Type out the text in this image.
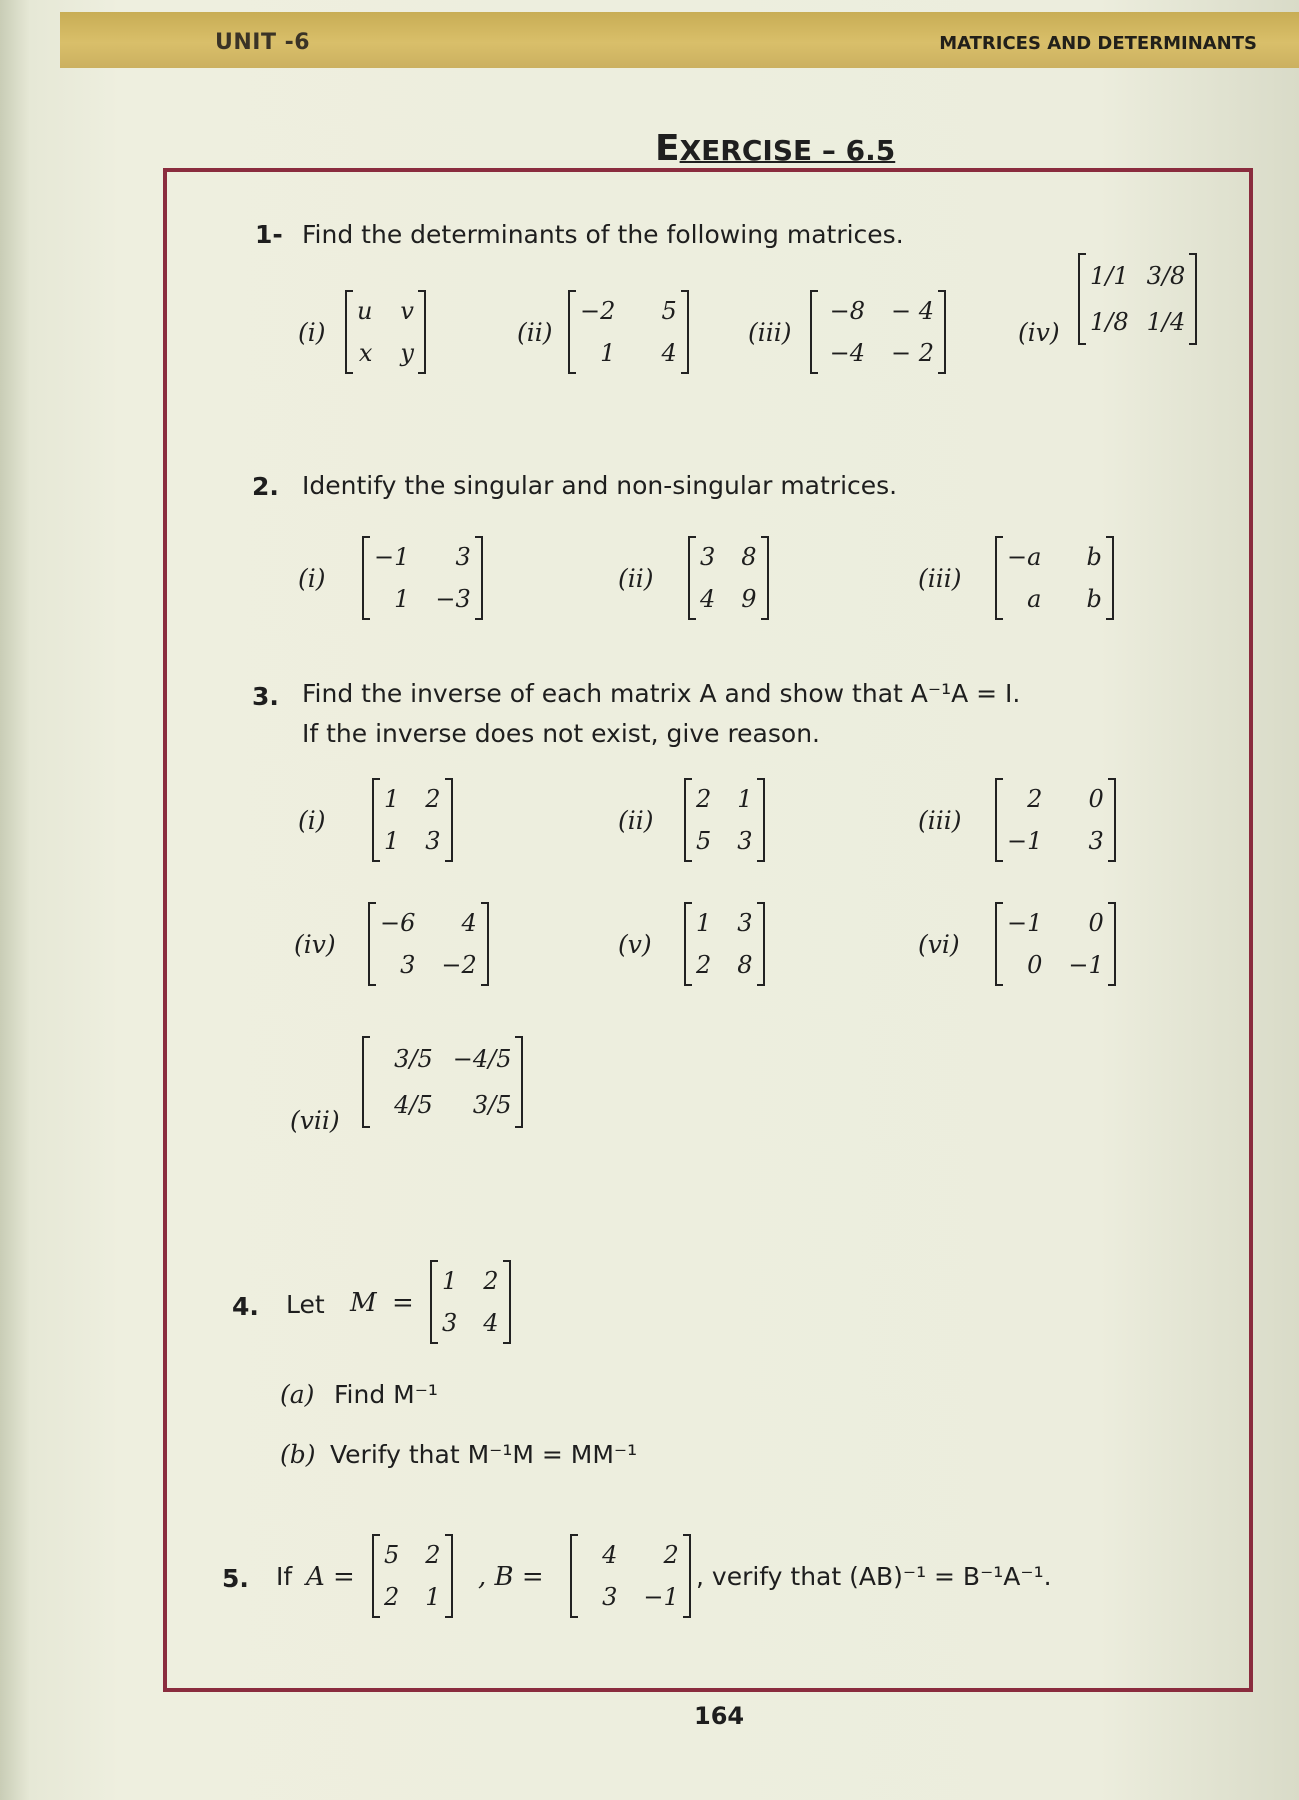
UNIT -6	MATRICES AND DETERMINANTS
EXERCISE – 6.5
1- Find the determinants of the following matrices.
(i)
u v
x y
(ii)
−2	5
1	4
(iii)
−8 − 4
−4 − 2
(iv)
1/1 3/8
1/8 1/4
2. Identify the singular and non-singular matrices.
(i)
−1	3
1 −3
(ii)
3 8
4 9
(iii)
−a	b
a	b
3. Find the inverse of each matrix A and show that A⁻¹A = I.
If the inverse does not exist, give reason.
(i)
1 2
1 3
(ii)
2 1
5 3
(iii)
2	0
−1	3
(iv)
−6	4
3 −2
(v)
1 3
2 8
(vi)
−1	0
0 −1
(vii)
3/5 −4/5
4/5	3/5
4. Let M =
1 2
3 4
(a) Find M⁻¹
(b) Verify that M⁻¹M = MM⁻¹
5. If A =
5 2
2 1
, B =
4	2
3 −1
, verify that (AB)⁻¹ = B⁻¹A⁻¹.
164
